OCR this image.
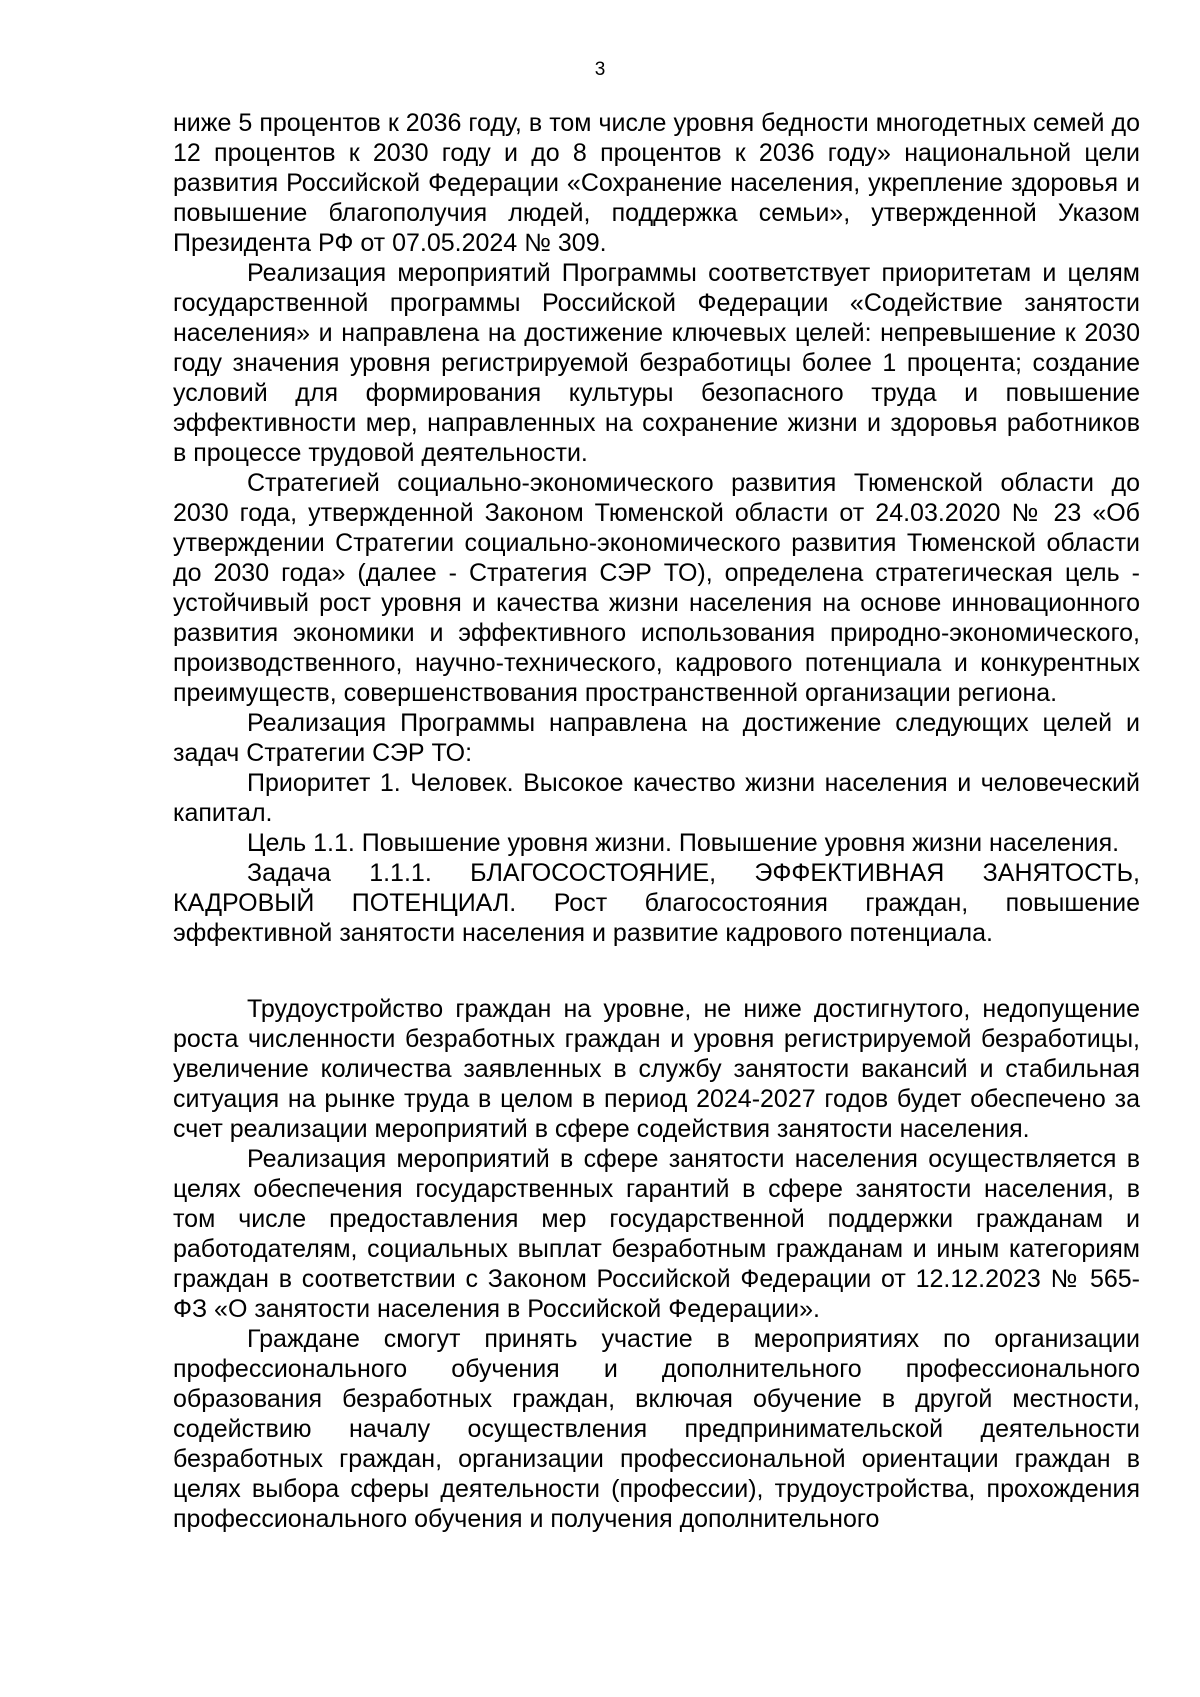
3

ниже 5 процентов к 2036 году, в том числе уровня бедности многодетных семей до 12 процентов к 2030 году и до 8 процентов к 2036 году» национальной цели развития Российской Федерации «Сохранение населения, укрепление здоровья и повышение благополучия людей, поддержка семьи», утвержденной Указом Президента РФ от 07.05.2024 № 309.

Реализация мероприятий Программы соответствует приоритетам и целям государственной программы Российской Федерации «Содействие занятости населения» и направлена на достижение ключевых целей: непревышение к 2030 году значения уровня регистрируемой безработицы более 1 процента; создание условий для формирования культуры безопасного труда и повышение эффективности мер, направленных на сохранение жизни и здоровья работников в процессе трудовой деятельности.

Стратегией социально-экономического развития Тюменской области до 2030 года, утвержденной Законом Тюменской области от 24.03.2020 № 23 «Об утверждении Стратегии социально-экономического развития Тюменской области до 2030 года» (далее - Стратегия СЭР ТО), определена стратегическая цель - устойчивый рост уровня и качества жизни населения на основе инновационного развития экономики и эффективного использования природно-экономического, производственного, научно-технического, кадрового потенциала и конкурентных преимуществ, совершенствования пространственной организации региона.

Реализация Программы направлена на достижение следующих целей и задач Стратегии СЭР ТО:

Приоритет 1. Человек. Высокое качество жизни населения и человеческий капитал.

Цель 1.1. Повышение уровня жизни. Повышение уровня жизни населения.

Задача 1.1.1. БЛАГОСОСТОЯНИЕ, ЭФФЕКТИВНАЯ ЗАНЯТОСТЬ, КАДРОВЫЙ ПОТЕНЦИАЛ. Рост благосостояния граждан, повышение эффективной занятости населения и развитие кадрового потенциала.

Трудоустройство граждан на уровне, не ниже достигнутого, недопущение роста численности безработных граждан и уровня регистрируемой безработицы, увеличение количества заявленных в службу занятости вакансий и стабильная ситуация на рынке труда в целом в период 2024-2027 годов будет обеспечено за счет реализации мероприятий в сфере содействия занятости населения.

Реализация мероприятий в сфере занятости населения осуществляется в целях обеспечения государственных гарантий в сфере занятости населения, в том числе предоставления мер государственной поддержки гражданам и работодателям, социальных выплат безработным гражданам и иным категориям граждан в соответствии с Законом Российской Федерации от 12.12.2023 № 565-ФЗ «О занятости населения в Российской Федерации».

Граждане смогут принять участие в мероприятиях по организации профессионального обучения и дополнительного профессионального образования безработных граждан, включая обучение в другой местности, содействию началу осуществления предпринимательской деятельности безработных граждан, организации профессиональной ориентации граждан в целях выбора сферы деятельности (профессии), трудоустройства, прохождения профессионального обучения и получения дополнительного
